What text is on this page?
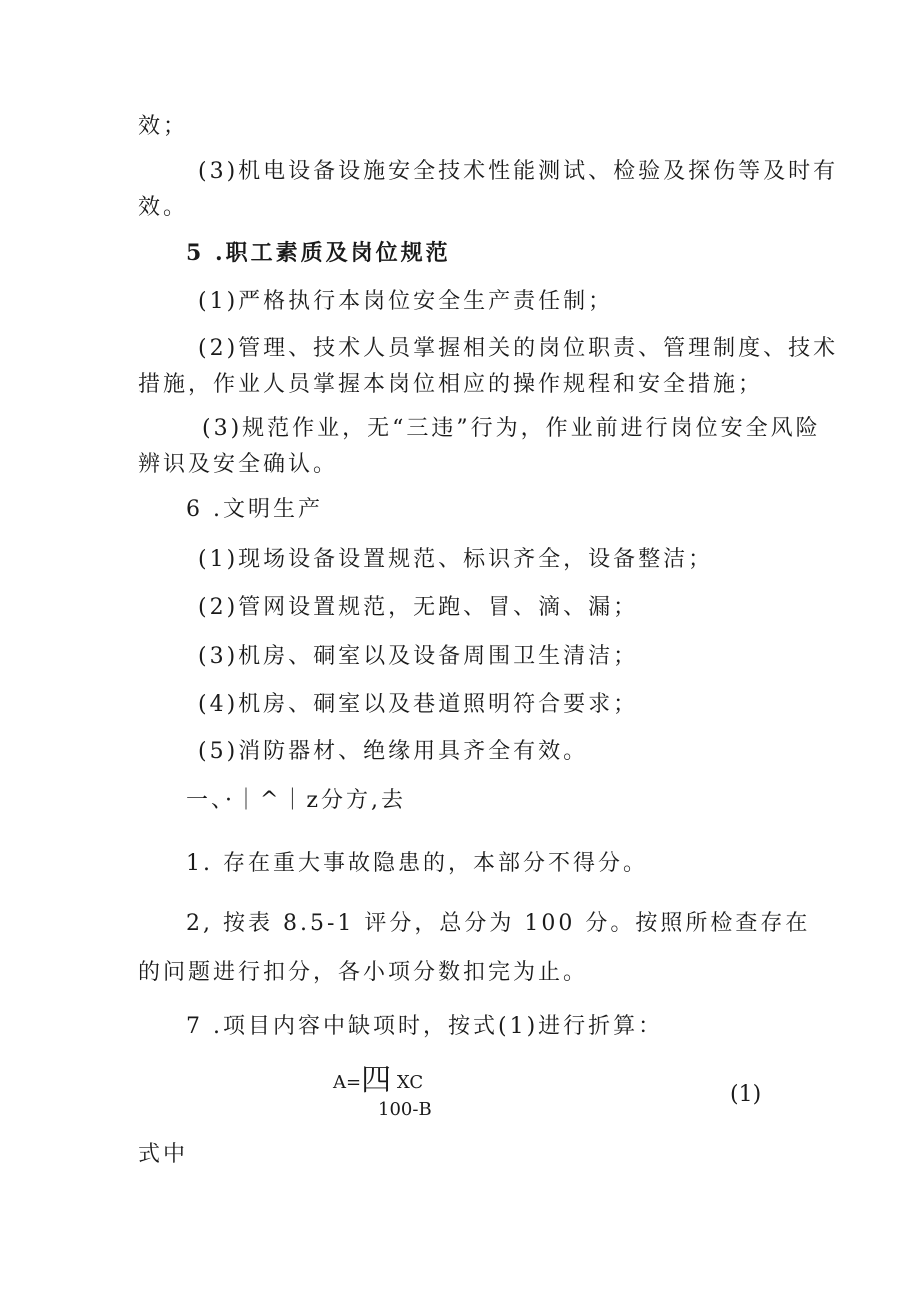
效；
(3)机电设备设施安全技术性能测试、检验及探伤等及时有
效。
5 .职工素质及岗位规范
(1)严格执行本岗位安全生产责任制；
(2)管理、技术人员掌握相关的岗位职责、管理制度、技术
措施，作业人员掌握本岗位相应的操作规程和安全措施；
(3)规范作业，无“三违”行为，作业前进行岗位安全风险
辨识及安全确认。
6 .文明生产
(1)现场设备设置规范、标识齐全，设备整洁；
(2)管网设置规范，无跑、冒、滴、漏；
(3)机房、硐室以及设备周围卫生清洁；
(4)机房、硐室以及巷道照明符合要求；
(5)消防器材、绝缘用具齐全有效。
一、·｜^｜z分方,去
1. 存在重大事故隐患的，本部分不得分。
2, 按表 8.5-1 评分，总分为 100 分。按照所检查存在
的问题进行扣分，各小项分数扣完为止。
7 .项目内容中缺项时，按式(1)进行折算：
A=四 XC
100-B
(1)
式中
